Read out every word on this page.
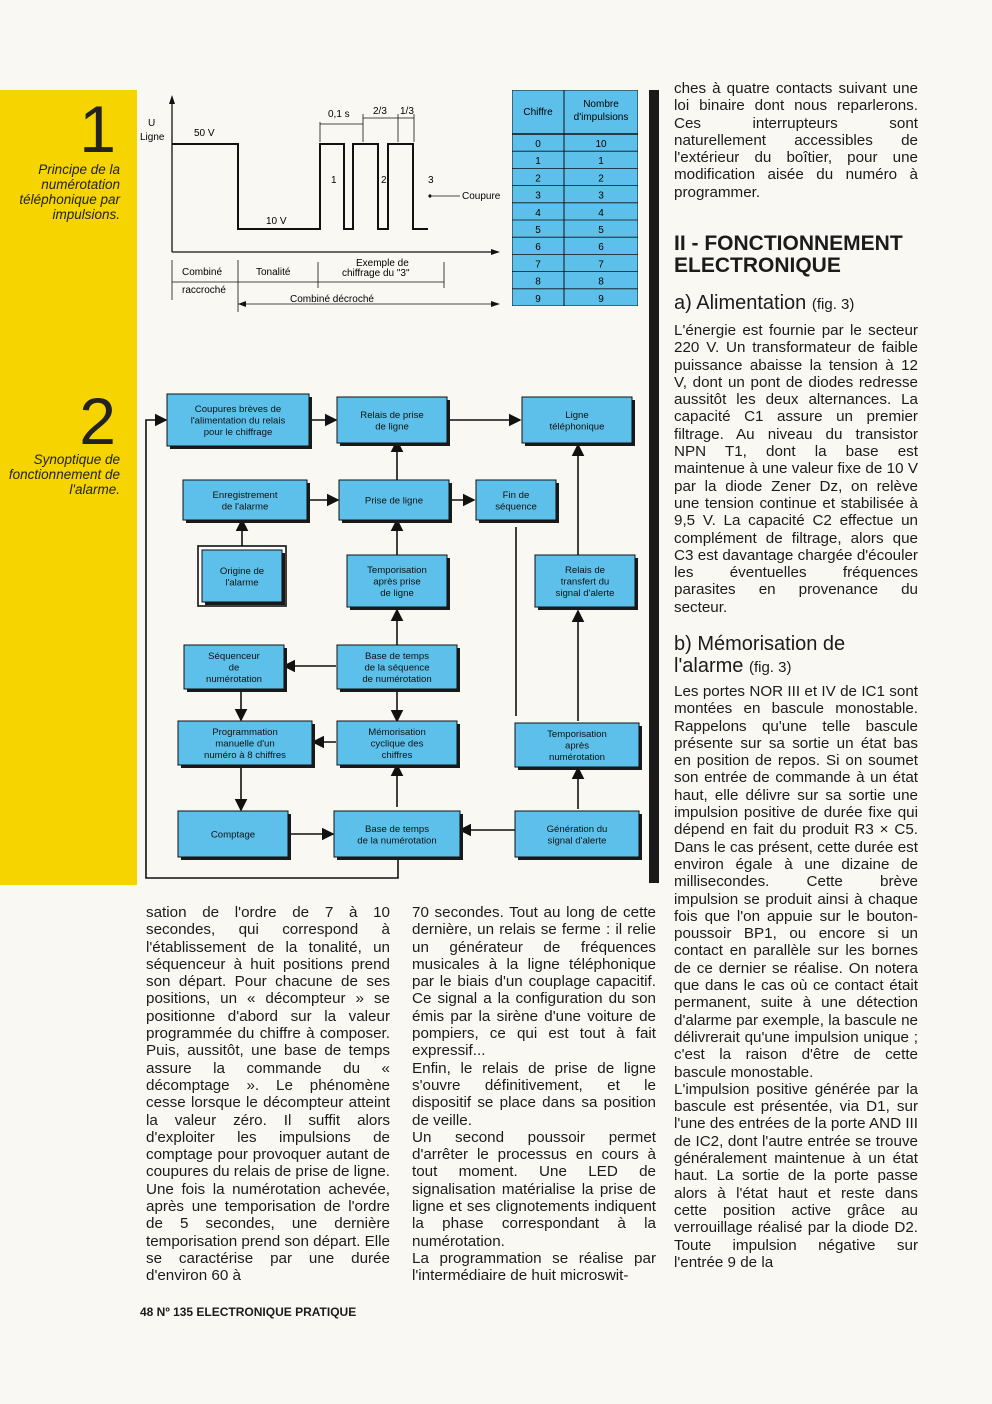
1
Principe de la numérotation téléphonique par impulsions.
2
Synoptique de fonctionnement de l'alarme.
U
Ligne	50 V
10 V
0,1 s 2/3 1/3
1	2	3
Coupure
Combiné
raccroché
Tonalité
Exemple de
chiffrage du "3"
Combiné décroché
Chiffre
Nombre
d'impulsions
0	10
1	1
2	2
3	3
4	4
5	5
6	6
7	7
8	8
9	9
Coupures brèves de
l'alimentation du relais
pour le chiffrage
Relais de prise
de ligne
Ligne
téléphonique
Enregistrement
de l'alarme
Prise de ligne
Fin de
séquence
Origine de
l'alarme
Temporisation
après prise
de ligne
Relais de
transfert du
signal d'alerte
Séquenceur
de
numérotation
Base de temps
de la séquence
de numérotation
Programmation
manuelle d'un
numéro à 8 chiffres
Mémorisation
cyclique des
chiffres
Temporisation
après
numérotation
Comptage
Base de temps
de la numérotation
Génération du
signal d'alerte

ches à quatre contacts suivant une loi binaire dont nous reparlerons. Ces interrupteurs sont naturellement accessibles de l'extérieur du boîtier, pour une modification aisée du numéro à programmer.

II - FONCTIONNEMENT ELECTRONIQUE
a) Alimentation (fig. 3)

L'énergie est fournie par le secteur 220 V. Un transformateur de faible puissance abaisse la tension à 12 V, dont un pont de diodes redresse aussitôt les deux alternances. La capacité C1 assure un premier filtrage. Au niveau du transistor NPN T1, dont la base est maintenue à une valeur fixe de 10 V par la diode Zener Dz, on relève une tension continue et stabilisée à 9,5 V. La capacité C2 effectue un complément de filtrage, alors que C3 est davantage chargée d'écouler les éventuelles fréquences parasites en provenance du secteur.

b) Mémorisation de l'alarme (fig. 3)

Les portes NOR III et IV de IC1 sont montées en bascule monostable. Rappelons qu'une telle bascule présente sur sa sortie un état bas en position de repos. Si on soumet son entrée de commande à un état haut, elle délivre sur sa sortie une impulsion positive de durée fixe qui dépend en fait du produit R3 × C5. Dans le cas présent, cette durée est environ égale à une dizaine de millisecondes. Cette brève impulsion se produit ainsi à chaque fois que l'on appuie sur le bouton-poussoir BP1, ou encore si un contact en parallèle sur les bornes de ce dernier se réalise. On notera que dans le cas où ce contact était permanent, suite à une détection d'alarme par exemple, la bascule ne délivrerait qu'une impulsion unique ; c'est la raison d'être de cette bascule monostable.

L'impulsion positive générée par la bascule est présentée, via D1, sur l'une des entrées de la porte AND III de IC2, dont l'autre entrée se trouve généralement maintenue à un état haut. La sortie de la porte passe alors à l'état haut et reste dans cette position active grâce au verrouillage réalisé par la diode D2. Toute impulsion négative sur l'entrée 9 de la

sation de l'ordre de 7 à 10 secondes, qui correspond à l'établissement de la tonalité, un séquenceur à huit positions prend son départ. Pour chacune de ses positions, un « décompteur » se positionne d'abord sur la valeur programmée du chiffre à composer. Puis, aussitôt, une base de temps assure la commande du « décomptage ». Le phénomène cesse lorsque le décompteur atteint la valeur zéro. Il suffit alors d'exploiter les impulsions de comptage pour provoquer autant de coupures du relais de prise de ligne. Une fois la numérotation achevée, après une temporisation de l'ordre de 5 secondes, une dernière temporisation prend son départ. Elle se caractérise par une durée d'environ 60 à

70 secondes. Tout au long de cette dernière, un relais se ferme : il relie un générateur de fréquences musicales à la ligne téléphonique par le biais d'un couplage capacitif. Ce signal a la configuration du son émis par la sirène d'une voiture de pompiers, ce qui est tout à fait expressif...

Enfin, le relais de prise de ligne s'ouvre définitivement, et le dispositif se place dans sa position de veille.

Un second poussoir permet d'arrêter le processus en cours à tout moment. Une LED de signalisation matérialise la prise de ligne et ses clignotements indiquent la phase correspondant à la numérotation.

La programmation se réalise par l'intermédiaire de huit microswit-

48 Nº 135 ELECTRONIQUE PRATIQUE
